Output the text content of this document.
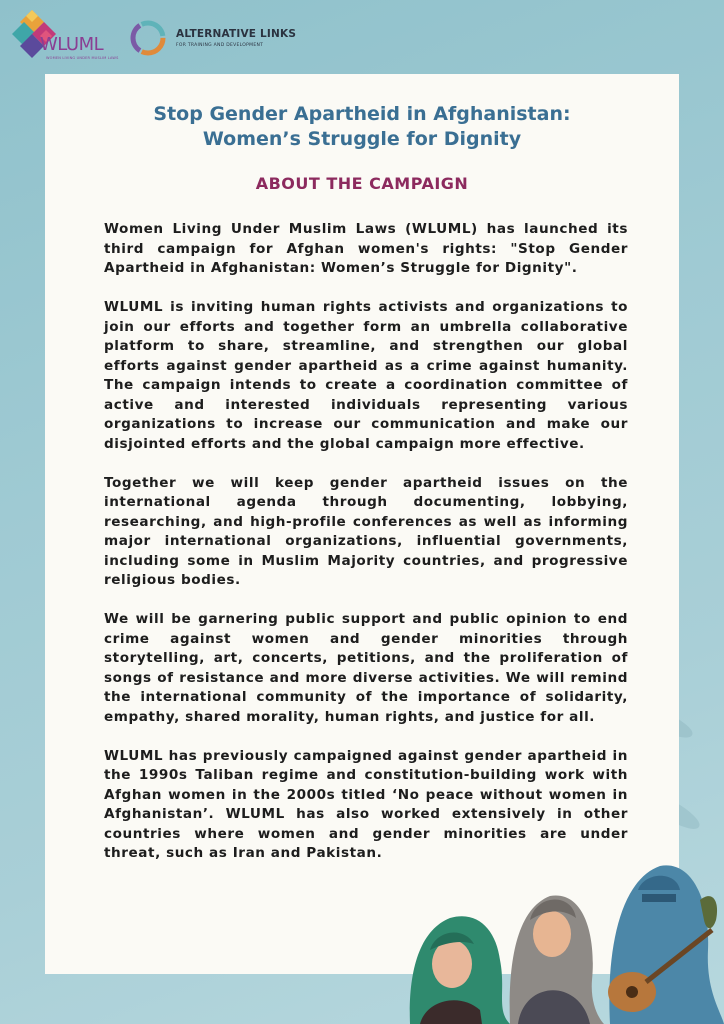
WLUML
WOMEN LIVING UNDER MUSLIM LAWS
ALTERNATIVE LINKS
FOR TRAINING AND DEVELOPMENT
Stop Gender Apartheid in Afghanistan:
Women’s Struggle for Dignity
ABOUT THE CAMPAIGN

Women Living Under Muslim Laws (WLUML) has launched its third campaign for Afghan women's rights: "Stop Gender Apartheid in Afghanistan: Women’s Struggle for Dignity".

WLUML is inviting human rights activists and organizations to join our efforts and together form an umbrella collaborative platform to share, streamline, and strengthen our global efforts against gender apartheid as a crime against humanity. The campaign intends to create a coordination committee of active and interested individuals representing various organizations to increase our communication and make our disjointed efforts and the global campaign more effective.

Together we will keep gender apartheid issues on the international agenda through documenting, lobbying, researching, and high-profile conferences as well as informing major international organizations, influential governments, including some in Muslim Majority countries, and progressive religious bodies.

We will be garnering public support and public opinion to end crime against women and gender minorities through storytelling, art, concerts, petitions, and the proliferation of songs of resistance and more diverse activities. We will remind the international community of the importance of solidarity, empathy, shared morality, human rights, and justice for all.

WLUML has previously campaigned against gender apartheid in the 1990s Taliban regime and constitution-building work with Afghan women in the 2000s titled ‘No peace without women in Afghanistan’. WLUML has also worked extensively in other countries where women and gender minorities are under threat, such as Iran and Pakistan.
